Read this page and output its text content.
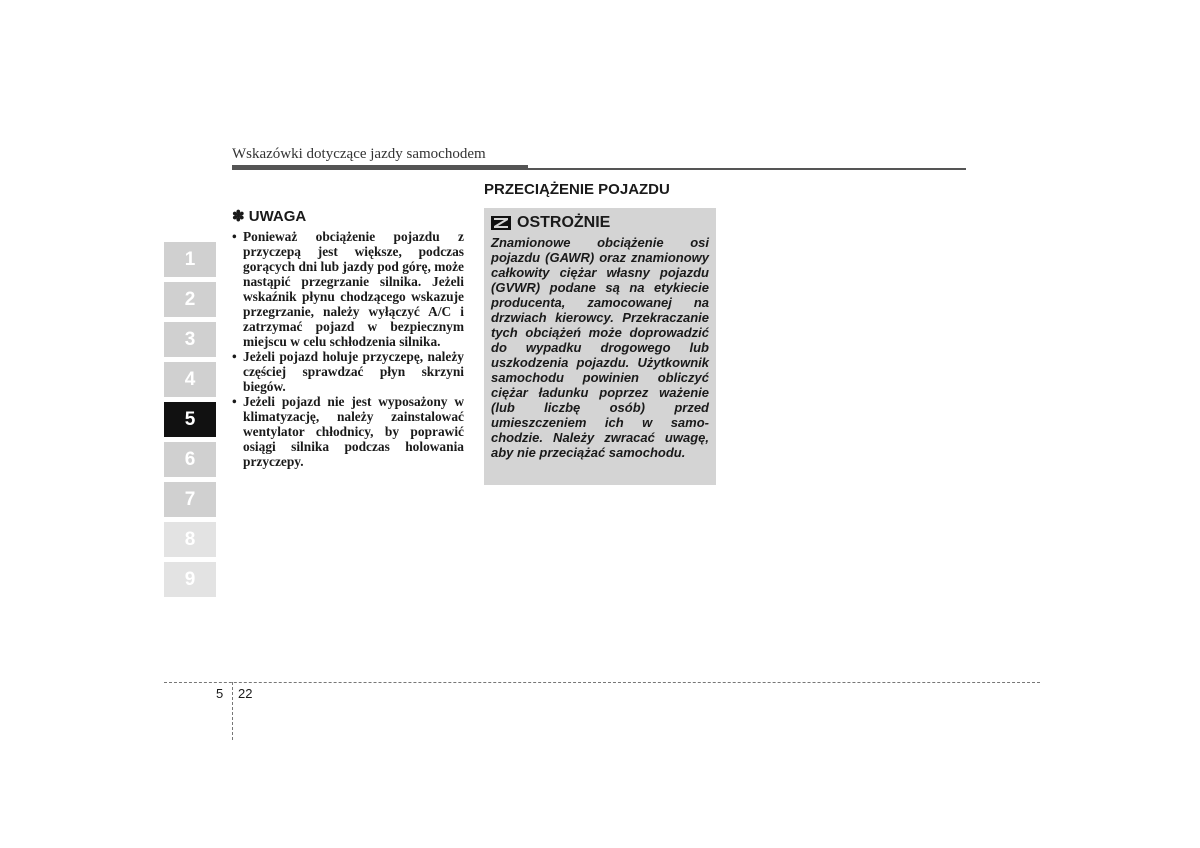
Wskazówki dotyczące jazdy samochodem
1
2
3
4
5
6
7
8
9
✽ UWAGA
• Ponieważ obciążenie pojazdu z przyczepą jest większe, podczas gorących dni lub jazdy pod górę, może nastąpić przegrzanie silnika. Jeżeli wskaźnik płynu chodzącego wskazuje przegrzanie, należy wyłączyć A/C i zatrzymać pojazd w bezpiecznym miejscu w celu schłodzenia silnika.
• Jeżeli pojazd holuje przyczepę, należy częściej sprawdzać płyn skrzyni biegów.
• Jeżeli pojazd nie jest wyposażony w klimatyzację, należy zainstalować wentylator chłodnicy, by poprawić osiągi silnika podczas holowania przyczepy.
PRZECIĄŻENIE POJAZDU
OSTROŻNIE
Znamionowe obciążenie osi pojazdu (GAWR) oraz znamionowy całkowity ciężar własny pojazdu (GVWR) podane są na etykiecie producenta, zamocowanej na drzwiach kierowcy. Przekraczanie tych obciążeń może doprowadzić do wypadku drogowego lub uszkodzenia pojazdu. Użytkownik samochodu powinien obliczyć ciężar ładunku poprzez ważenie (lub liczbę osób) przed umieszczeniem ich w samo-chodzie. Należy zwracać uwagę, aby nie przeciążać samochodu.
5 22
